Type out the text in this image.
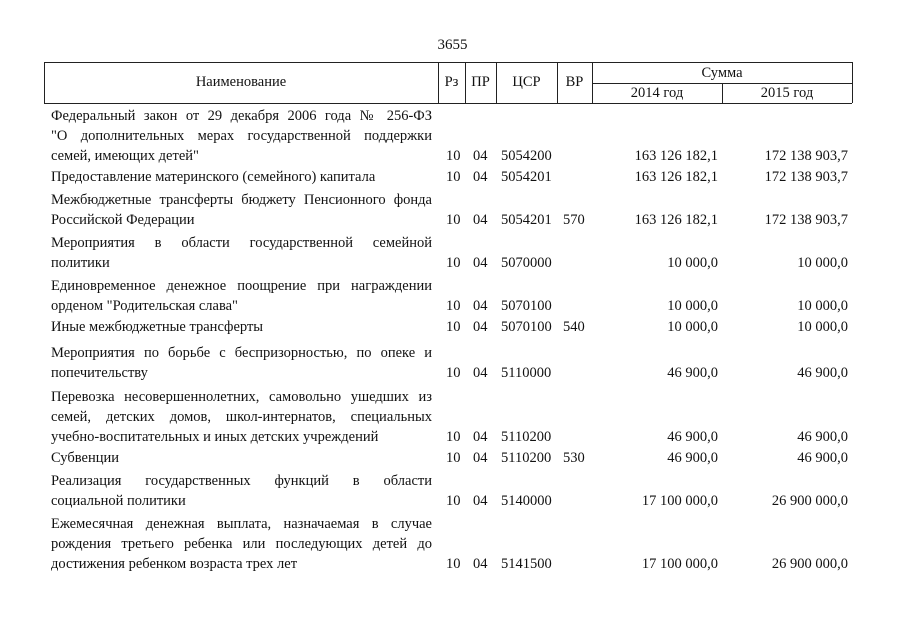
3655
Наименование	Рз ПР	ЦСР	ВР
Сумма
2014 год	2015 год
Федеральный закон от 29 декабря 2006 года № 256-ФЗ
"О дополнительных мерах государственной поддержки
семей, имеющих детей"	10 04 5054200	163 126 182,1	172 138 903,7
Предоставление материнского (семейного) капитала	10 04 5054201	163 126 182,1	172 138 903,7
Межбюджетные трансферты бюджету Пенсионного фонда
Российской Федерации	10 04 5054201 570	163 126 182,1	172 138 903,7
Мероприятия в области государственной семейной
политики	10 04 5070000	10 000,0	10 000,0
Единовременное денежное поощрение при награждении
орденом "Родительская слава"	10 04 5070100	10 000,0	10 000,0
Иные межбюджетные трансферты	10 04 5070100 540	10 000,0	10 000,0
Мероприятия по борьбе с беспризорностью, по опеке и
попечительству	10 04 5110000	46 900,0	46 900,0
Перевозка несовершеннолетних, самовольно ушедших из
семей, детских домов, школ-интернатов, специальных
учебно-воспитательных и иных детских учреждений	10 04 5110200	46 900,0	46 900,0
Субвенции	10 04 5110200 530	46 900,0	46 900,0
Реализация государственных функций в области
социальной политики	10 04 5140000	17 100 000,0	26 900 000,0
Ежемесячная денежная выплата, назначаемая в случае
рождения третьего ребенка или последующих детей до
достижения ребенком возраста трех лет	10 04 5141500	17 100 000,0	26 900 000,0
